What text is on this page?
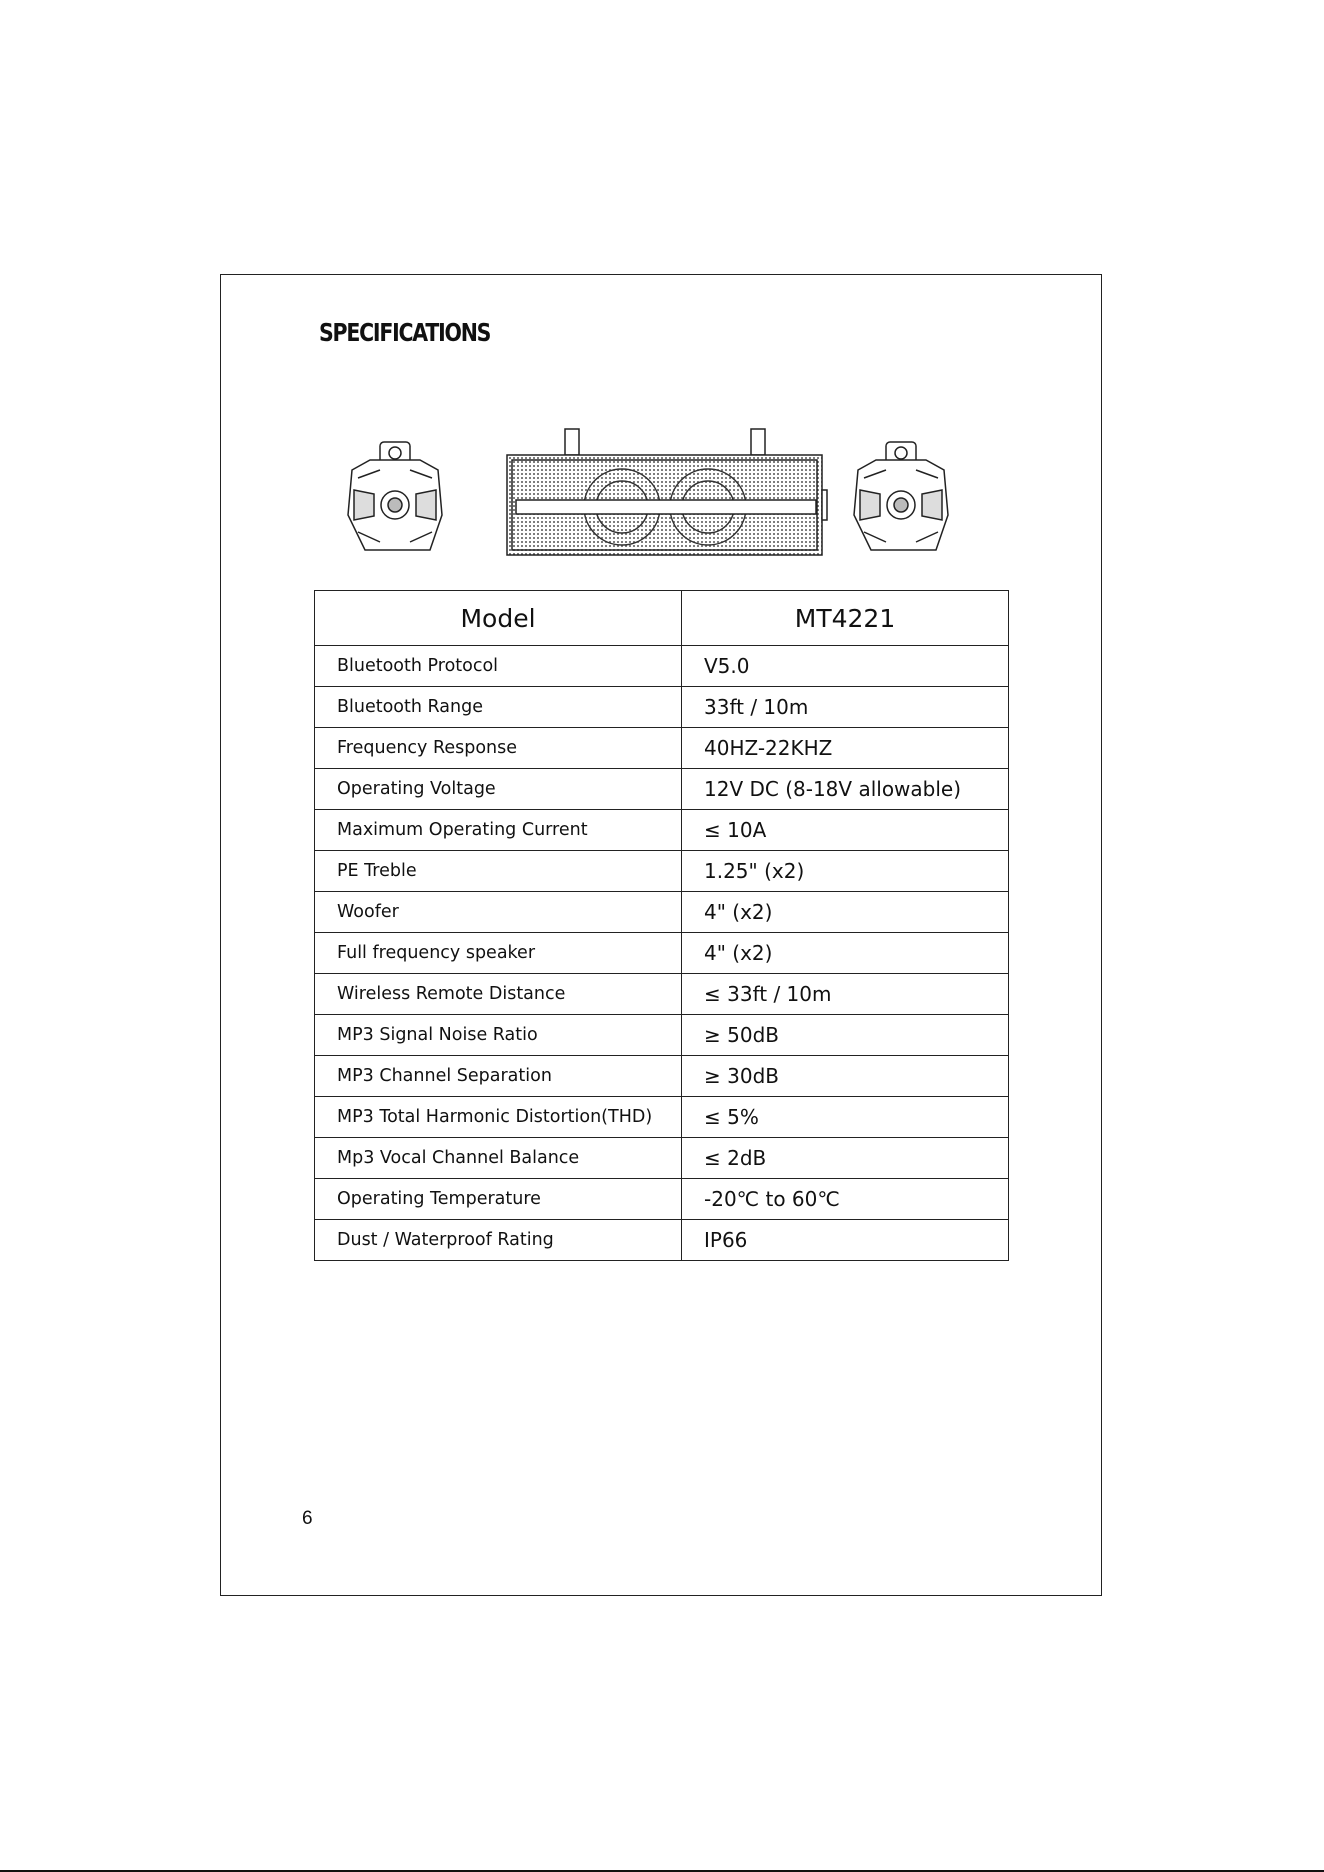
SPECIFICATIONS
Model	MT4221
Bluetooth Protocol	V5.0
Bluetooth Range	33ft / 10m
Frequency Response	40HZ-22KHZ
Operating Voltage	12V DC (8-18V allowable)
Maximum Operating Current	≤ 10A
PE Treble	1.25" (x2)
Woofer	4" (x2)
Full frequency speaker	4" (x2)
Wireless Remote Distance	≤ 33ft / 10m
MP3 Signal Noise Ratio	≥ 50dB
MP3 Channel Separation	≥ 30dB
MP3 Total Harmonic Distortion(THD)	≤ 5%
Mp3 Vocal Channel Balance	≤ 2dB
Operating Temperature	-20℃ to 60℃
Dust / Waterproof Rating	IP66
6
